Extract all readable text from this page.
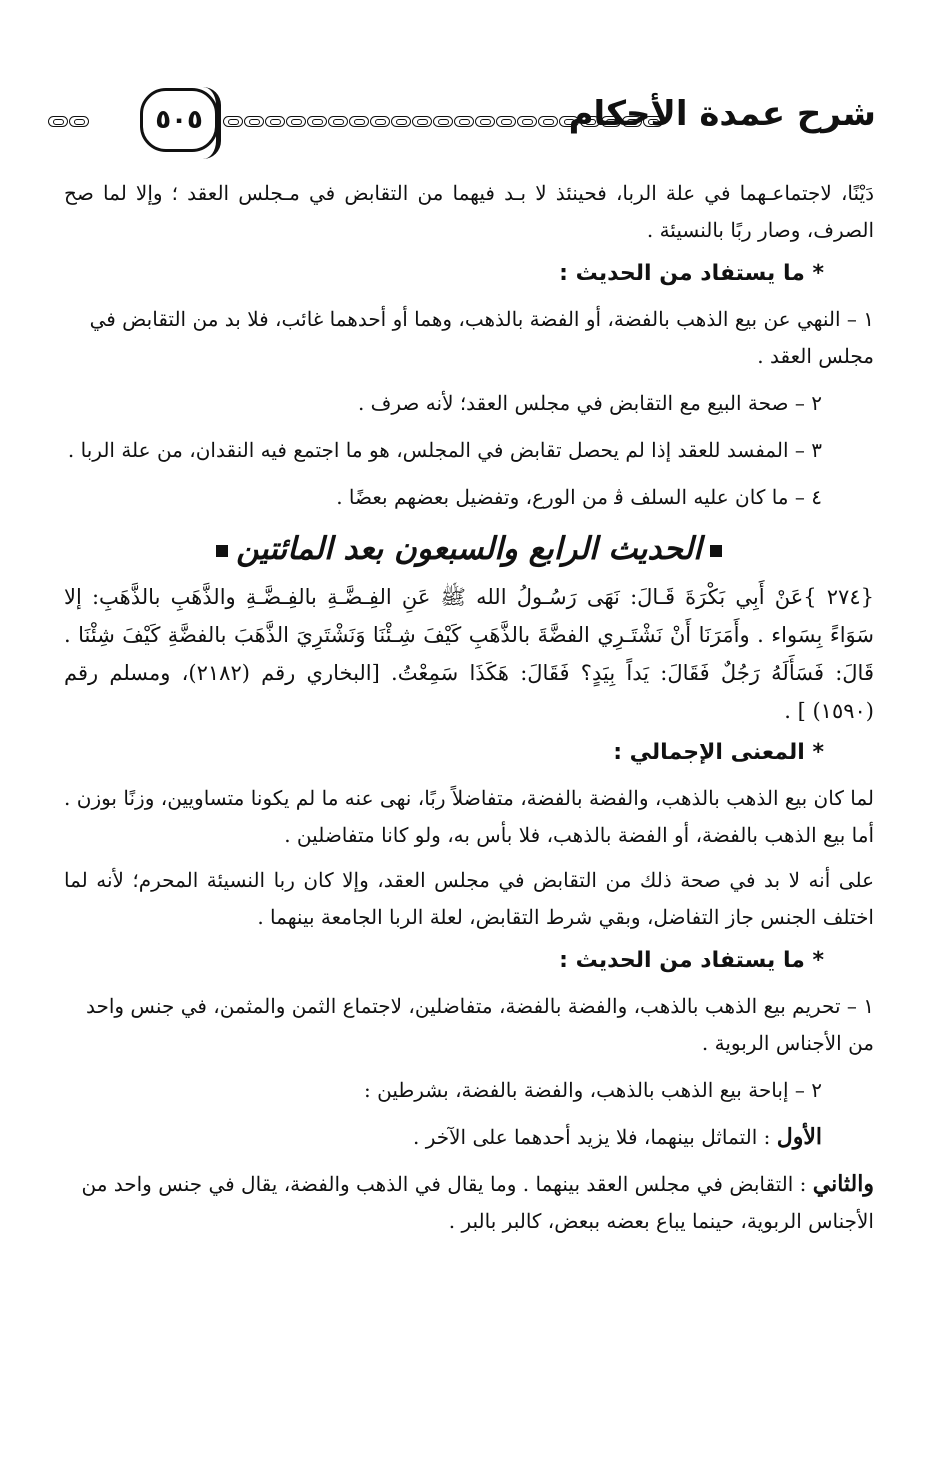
شرح عمدة الأحكام
٥٠٥

دَيْنًا، لاجتماعـهما في علة الربا، فحينئذ لا بـد فيهما من التقابض في مـجلس العقد ؛ وإلا لما صح الصرف، وصار ربًا بالنسيئة .

* ما يستفاد من الحديث :
١ – النهي عن بيع الذهب بالفضة، أو الفضة بالذهب، وهما أو أحدهما غائب، فلا بد من التقابض في مجلس العقد .
٢ – صحة البيع مع التقابض في مجلس العقد؛ لأنه صرف .
٣ – المفسد للعقد إذا لم يحصل تقابض في المجلس، هو ما اجتمع فيه النقدان، من علة الربا .
٤ – ما كان عليه السلف ﭬ من الورع، وتفضيل بعضهم بعضًا .
الحديث الرابع والسبعون بعد المائتين

{٢٧٤ }عَنْ أَبِي بَكْرَةَ قَـالَ: نَهَى رَسُـولُ الله ﷺ عَنِ الفِـضَّـةِ بالفِـضَّـةِ والذَّهَبِ بالذَّهَبِ: إلا سَوَاءً بِسَواء . وأَمَرَنَا أَنْ نَشْتَـرِي الفضَّةَ بالذَّهَبِ كَيْفَ شِـئْنَا وَنَشْتَرِيَ الذَّهَبَ بالفضَّةِ كَيْفَ شِئْنَا . قَالَ: فَسَأَلَهُ رَجُلٌ فَقَالَ: يَداً بِيَدٍ؟ فَقَالَ: هَكَذَا سَمِعْتُ. [البخاري رقم (٢١٨٢)، ومسلم رقم (١٥٩٠) ] .

* المعنى الإجمالي :

لما كان بيع الذهب بالذهب، والفضة بالفضة، متفاضلاً ربًا، نهى عنه ما لم يكونا متساويين، وزنًا بوزن . أما بيع الذهب بالفضة، أو الفضة بالذهب، فلا بأس به، ولو كانا متفاضلين .

على أنه لا بد في صحة ذلك من التقابض في مجلس العقد، وإلا كان ربا النسيئة المحرم؛ لأنه لما اختلف الجنس جاز التفاضل، وبقي شرط التقابض، لعلة الربا الجامعة بينهما .

* ما يستفاد من الحديث :
١ – تحريم بيع الذهب بالذهب، والفضة بالفضة، متفاضلين، لاجتماع الثمن والمثمن، في جنس واحد من الأجناس الربوية .
٢ – إباحة بيع الذهب بالذهب، والفضة بالفضة، بشرطين :
الأول : التماثل بينهما، فلا يزيد أحدهما على الآخر .
والثاني : التقابض في مجلس العقد بينهما . وما يقال في الذهب والفضة، يقال في جنس واحد من الأجناس الربوية، حينما يباع بعضه ببعض، كالبر بالبر .
